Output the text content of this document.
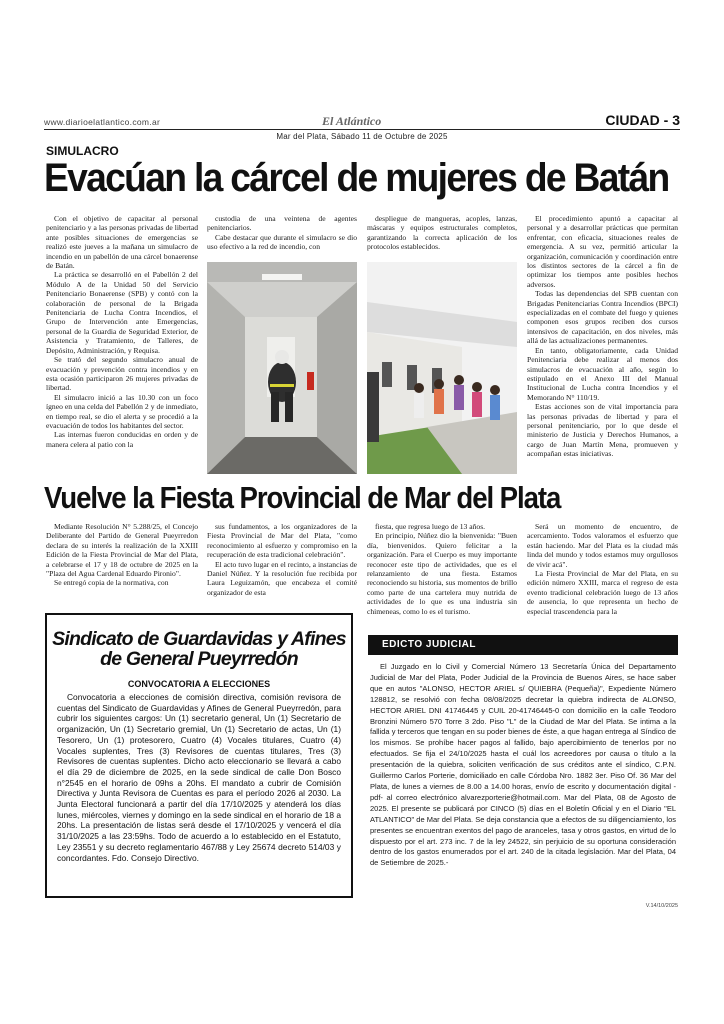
www.diarioelatlantico.com.ar	El Atlántico	CIUDAD - 3
Mar del Plata, Sábado 11 de Octubre de 2025
SIMULACRO
Evacúan la cárcel de mujeres de Batán

Con el objetivo de capacitar al personal penitenciario y a las personas privadas de libertad ante posibles situaciones de emergencias se realizó este jueves a la mañana un simulacro de incendio en un pabellón de una cárcel bonaerense de Batán.

La práctica se desarrolló en el Pabellón 2 del Módulo A de la Unidad 50 del Servicio Penitenciario Bonaerense (SPB) y contó con la colaboración de personal de la Brigada Penitenciaria de Lucha Contra Incendios, el Grupo de Intervención ante Emergencias, personal de la Guardia de Seguridad Exterior, de Asistencia y Tratamiento, de Talleres, de Depósito, Administración, y Requisa.

Se trató del segundo simulacro anual de evacuación y prevención contra incendios y en esta ocasión participaron 26 mujeres privadas de libertad.

El simulacro inició a las 10.30 con un foco ígneo en una celda del Pabellón 2 y de inmediato, en tiempo real, se dio el alerta y se procedió a la evacuación de todos los habitantes del sector.

Las internas fueron conducidas en orden y de manera celera al patio con la

custodia de una veintena de agentes penitenciarios.

Cabe destacar que durante el simulacro se dio uso efectivo a la red de incendio, con

despliegue de mangueras, acoples, lanzas, máscaras y equipos estructurales completos, garantizando la correcta aplicación de los protocolos establecidos.

El procedimiento apuntó a capacitar al personal y a desarrollar prácticas que permitan enfrentar, con eficacia, situaciones reales de emergencia. A su vez, permitió articular la organización, comunicación y coordinación entre los distintos sectores de la cárcel a fin de optimizar los tiempos ante posibles hechos adversos.

Todas las dependencias del SPB cuentan con Brigadas Penitenciarias Contra Incendios (BPCI) especializadas en el combate del fuego y quienes componen esos grupos reciben dos cursos intensivos de capacitación, en dos niveles, más allá de las actualizaciones permanentes.

En tanto, obligatoriamente, cada Unidad Penitenciaria debe realizar al menos dos simulacros de evacuación al año, según lo estipulado en el Anexo III del Manual Institucional de Lucha contra Incendios y el Memorando N° 110/19.

Estas acciones son de vital importancia para las personas privadas de libertad y para el personal penitenciario, por lo que desde el ministerio de Justicia y Derechos Humanos, a cargo de Juan Martín Mena, promueven y acompañan estas iniciativas.

Vuelve la Fiesta Provincial de Mar del Plata

Mediante Resolución N° 5.288/25, el Concejo Deliberante del Partido de General Pueyrredon declara de su interés la realización de la XXIII Edición de la Fiesta Provincial de Mar del Plata, a celebrarse el 17 y 18 de octubre de 2025 en la "Plaza del Agua Cardenal Eduardo Pironio".

Se entregó copia de la normativa, con

sus fundamentos, a los organizadores de la Fiesta Provincial de Mar del Plata, "como reconocimiento al esfuerzo y compromiso en la recuperación de esta tradicional celebración".

El acto tuvo lugar en el recinto, a instancias de Daniel Núñez. Y la resolución fue recibida por Laura Leguizamón, que encabeza el comité organizador de esta

fiesta, que regresa luego de 13 años.

En principio, Núñez dio la bienvenida: "Buen día, bienvenidos. Quiero felicitar a la organización. Para el Cuerpo es muy importante reconocer este tipo de actividades, que es el relanzamiento de una fiesta. Estamos reconociendo su historia, sus momentos de brillo como parte de una cartelera muy nutrida de actividades de lo que es una industria sin chimeneas, como lo es el turismo.

Será un momento de encuentro, de acercamiento. Todos valoramos el esfuerzo que están haciendo. Mar del Plata es la ciudad más linda del mundo y todos estamos muy orgullosos de vivir acá".

La Fiesta Provincial de Mar del Plata, en su edición número XXIII, marca el regreso de esta evento tradicional celebración luego de 13 años de ausencia, lo que representa un hecho de especial trascendencia para la

Sindicato de Guardavidas y Afines de General Pueyrredón
CONVOCATORIA A ELECCIONES
Convocatoria a elecciones de comisión directiva, comisión revisora de cuentas del Sindicato de Guardavidas y Afines de General Pueyrredón, para cubrir los siguientes cargos: Un (1) secretario general, Un (1) Secretario de organización, Un (1) Secretario gremial, Un (1) Secretario de actas, Un (1) Tesorero, Un (1) protesorero, Cuatro (4) Vocales titulares, Cuatro (4) Vocales suplentes, Tres (3) Revisores de cuentas titulares, Tres (3) Revisores de cuentas suplentes. Dicho acto eleccionario se llevará a cabo el día 29 de diciembre de 2025, en la sede sindical de calle Don Bosco n°2545 en el horario de 09hs a 20hs. El mandato a cubrir de Comisión Directiva y Junta Revisora de Cuentas es para el período 2026 al 2030. La Junta Electoral funcionará a partir del día 17/10/2025 y atenderá los días lunes, miércoles, viernes y domingo en la sede sindical en el horario de 18 a 20hs. La presentación de listas será desde el 17/10/2025 y vencerá el día 31/10/2025 a las 23:59hs. Todo de acuerdo a lo establecido en el Estatuto, Ley 23551 y su decreto reglamentario 467/88 y Ley 25674 decreto 514/03 y concordantes. Fdo. Consejo Directivo.
EDICTO JUDICIAL
El Juzgado en lo Civil y Comercial Número 13 Secretaría Única del Departamento Judicial de Mar del Plata, Poder Judicial de la Provincia de Buenos Aires, se hace saber que en autos "ALONSO, HECTOR ARIEL s/ QUIEBRA (Pequeña)", Expediente Número 128812, se resolvió con fecha 08/08/2025 decretar la quiebra indirecta de ALONSO, HECTOR ARIEL DNI 41746445 y CUIL 20-41746445-0 con domicilio en la calle Teodoro Bronzini Número 570 Torre 3 2do. Piso "L" de la Ciudad de Mar del Plata. Se intima a la fallida y terceros que tengan en su poder bienes de éste, a que hagan entrega al Síndico de los mismos. Se prohíbe hacer pagos al fallido, bajo apercibimiento de tenerlos por no efectuados. Se fija el 24/10/2025 hasta el cuál los acreedores por causa o título a la presentación de la quiebra, soliciten verificación de sus créditos ante el síndico, C.P.N. Guillermo Carlos Porterie, domiciliado en calle Córdoba Nro. 1882 3er. Piso Of. 36 Mar del Plata, de lunes a viernes de 8.00 a 14.00 horas, envío de escrito y documentación digital -pdf- al correo electrónico alvarezporterie@hotmail.com. Mar del Plata, 08 de Agosto de 2025. El presente se publicará por CINCO (5) días en el Boletín Oficial y en el Diario "EL ATLANTICO" de Mar del Plata. Se deja constancia que a efectos de su diligenciamiento, los presentes se encuentran exentos del pago de aranceles, tasa y otros gastos, en virtud de lo dispuesto por el art. 273 inc. 7 de la ley 24522, sin perjuicio de su oportuna consideración dentro de los gastos enumerados por el art. 240 de la citada legislación. Mar del Plata, 04 de Setiembre de 2025.-
V.14/10/2025
